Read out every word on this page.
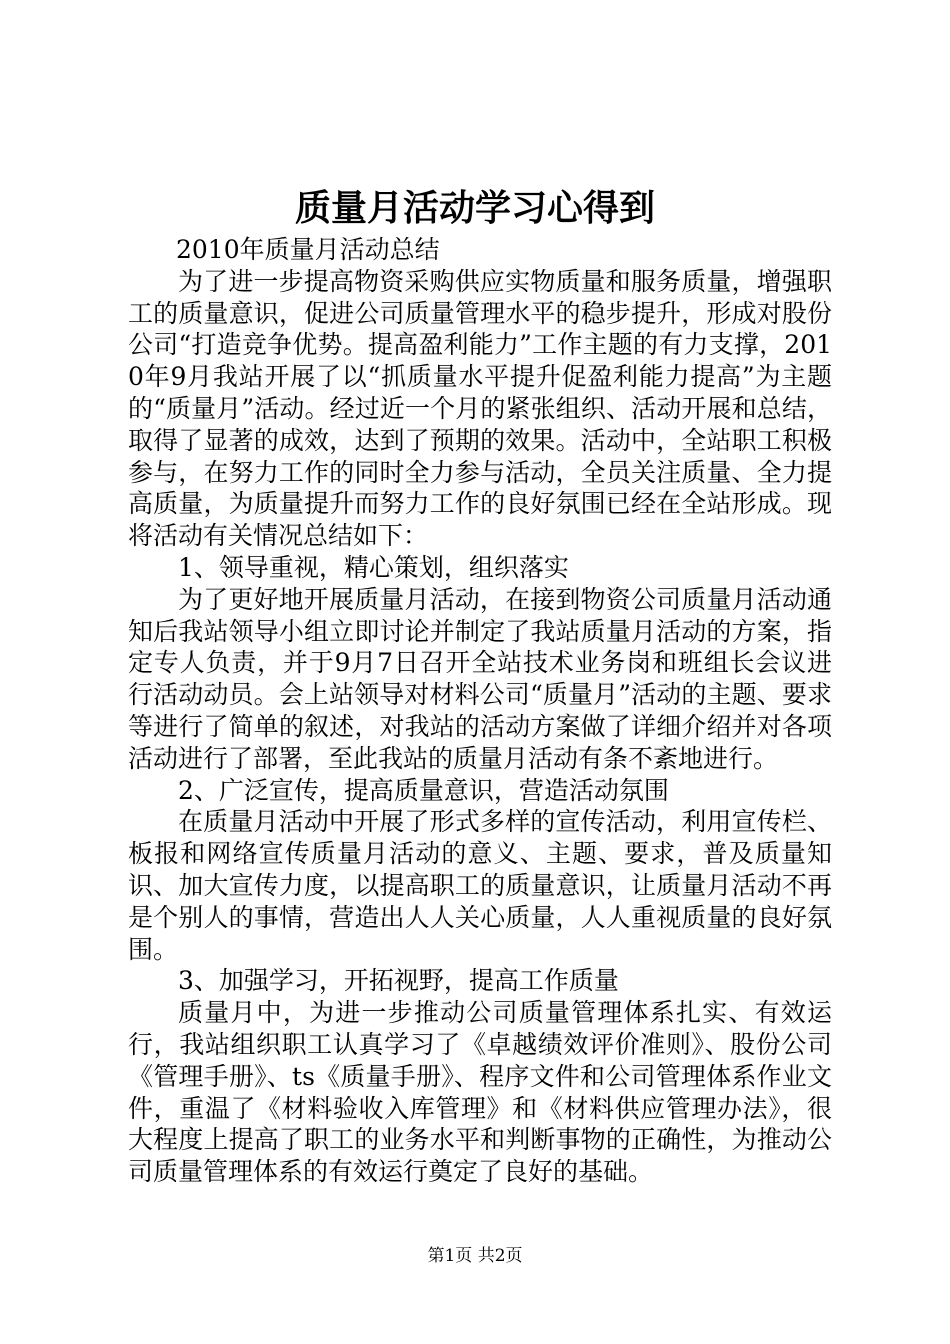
质量月活动学习心得到

2010年质量月活动总结

为了进一步提高物资采购供应实物质量和服务质量，增强职工的质量意识，促进公司质量管理水平的稳步提升，形成对股份公司“打造竞争优势。提高盈利能力”工作主题的有力支撑，2010年9月我站开展了以“抓质量水平提升促盈利能力提高”为主题的“质量月”活动。经过近一个月的紧张组织、活动开展和总结，取得了显著的成效，达到了预期的效果。活动中，全站职工积极参与，在努力工作的同时全力参与活动，全员关注质量、全力提高质量，为质量提升而努力工作的良好氛围已经在全站形成。现将活动有关情况总结如下：

1、领导重视，精心策划，组织落实

为了更好地开展质量月活动，在接到物资公司质量月活动通知后我站领导小组立即讨论并制定了我站质量月活动的方案，指定专人负责，并于9月7日召开全站技术业务岗和班组长会议进行活动动员。会上站领导对材料公司“质量月”活动的主题、要求等进行了简单的叙述，对我站的活动方案做了详细介绍并对各项活动进行了部署，至此我站的质量月活动有条不紊地进行。

2、广泛宣传，提高质量意识，营造活动氛围

在质量月活动中开展了形式多样的宣传活动，利用宣传栏、板报和网络宣传质量月活动的意义、主题、要求，普及质量知识、加大宣传力度，以提高职工的质量意识，让质量月活动不再是个别人的事情，营造出人人关心质量，人人重视质量的良好氛围。

3、加强学习，开拓视野，提高工作质量

质量月中，为进一步推动公司质量管理体系扎实、有效运行，我站组织职工认真学习了《卓越绩效评价准则》、股份公司《管理手册》、ts《质量手册》、程序文件和公司管理体系作业文件，重温了《材料验收入库管理》和《材料供应管理办法》，很大程度上提高了职工的业务水平和判断事物的正确性，为推动公司质量管理体系的有效运行奠定了良好的基础。

第1页 共2页
